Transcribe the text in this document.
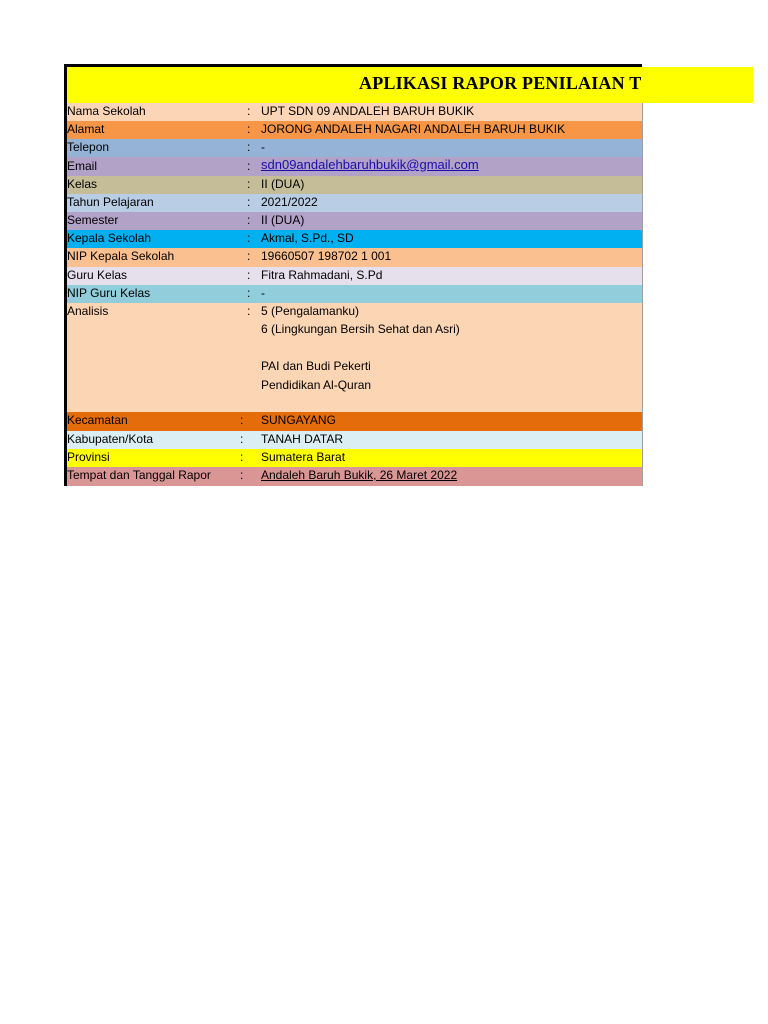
APLIKASI RAPOR PENILAIAN T
Nama Sekolah	: UPT SDN 09 ANDALEH BARUH BUKIK
Alamat	: JORONG ANDALEH NAGARI ANDALEH BARUH BUKIK
Telepon	: -
Email	: sdn09andalehbaruhbukik@gmail.com
Kelas	: II (DUA)
Tahun Pelajaran	: 2021/2022
Semester	: II (DUA)
Kepala Sekolah	: Akmal, S.Pd., SD
NIP Kepala Sekolah	: 19660507 198702 1 001
Guru Kelas	: Fitra Rahmadani, S.Pd
NIP Guru Kelas	: -
Analisis	: 5 (Pengalamanku)
6 (Lingkungan Bersih Sehat dan Asri)
PAI dan Budi Pekerti
Pendidikan Al-Quran
Kecamatan	: SUNGAYANG
Kabupaten/Kota	: TANAH DATAR
Provinsi	: Sumatera Barat
Tempat dan Tanggal Rapor : Andaleh Baruh Bukik, 26 Maret 2022
